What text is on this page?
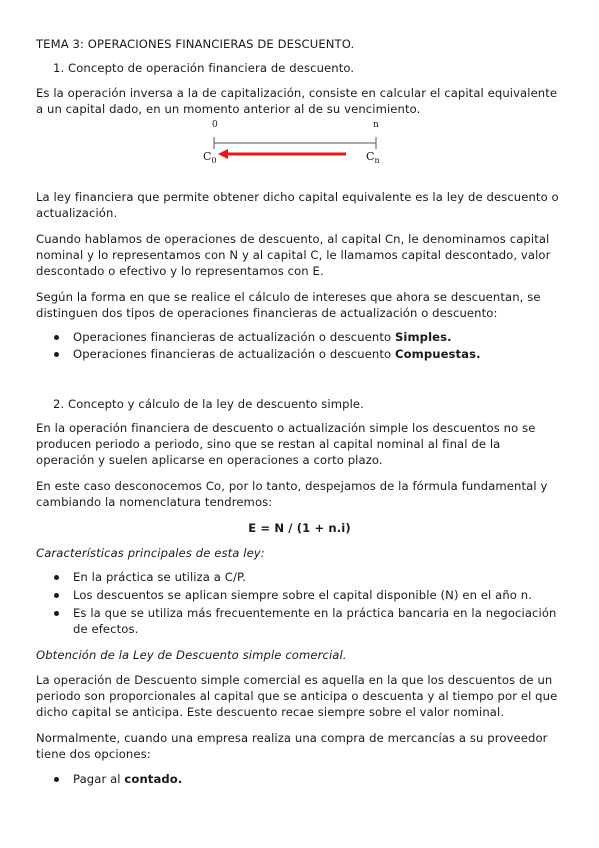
TEMA 3: OPERACIONES FINANCIERAS DE DESCUENTO.
1. Concepto de operación financiera de descuento.
Es la operación inversa a la de capitalización, consiste en calcular el capital equivalente
a un capital dado, en un momento anterior al de su vencimiento.
0	n
$C_0$	$C_n$
La ley financiera que permite obtener dicho capital equivalente es la ley de descuento o
actualización.
Cuando hablamos de operaciones de descuento, al capital Cn, le denominamos capital
nominal y lo representamos con N y al capital C, le llamamos capital descontado, valor
descontado o efectivo y lo representamos con E.
Según la forma en que se realice el cálculo de intereses que ahora se descuentan, se
distinguen dos tipos de operaciones financieras de actualización o descuento:
Operaciones financieras de actualización o descuento Simples.
Operaciones financieras de actualización o descuento Compuestas.
2. Concepto y cálculo de la ley de descuento simple.
En la operación financiera de descuento o actualización simple los descuentos no se
producen periodo a periodo, sino que se restan al capital nominal al final de la
operación y suelen aplicarse en operaciones a corto plazo.
En este caso desconocemos Co, por lo tanto, despejamos de la fórmula fundamental y
cambiando la nomenclatura tendremos:
E = N / (1 + n.i)
Características principales de esta ley:
En la práctica se utiliza a C/P.
Los descuentos se aplican siempre sobre el capital disponible (N) en el año n.
Es la que se utiliza más frecuentemente en la práctica bancaria en la negociación
de efectos.
Obtención de la Ley de Descuento simple comercial.
La operación de Descuento simple comercial es aquella en la que los descuentos de un
periodo son proporcionales al capital que se anticipa o descuenta y al tiempo por el que
dicho capital se anticipa. Este descuento recae siempre sobre el valor nominal.
Normalmente, cuando una empresa realiza una compra de mercancías a su proveedor
tiene dos opciones:
Pagar al contado.
